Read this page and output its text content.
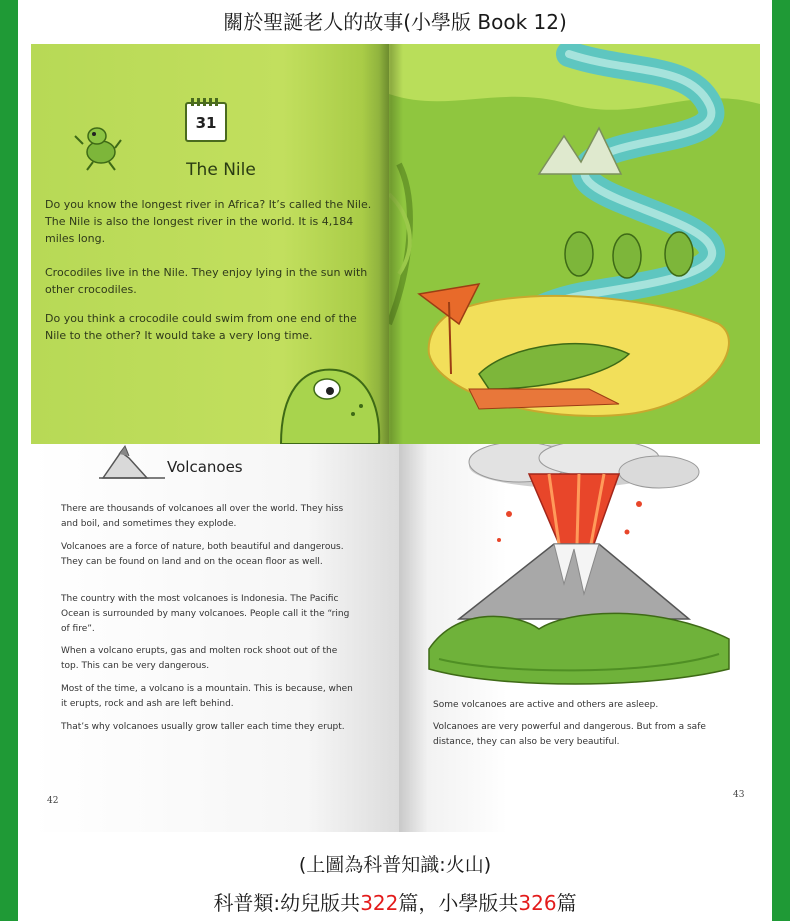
關於聖誕老人的故事(小學版 Book 12)
31
The Nile

Do you know the longest river in Africa? It’s called the Nile. The Nile is also the longest river in the world. It is 4,184 miles long.

Crocodiles live in the Nile. They enjoy lying in the sun with other crocodiles.

Do you think a crocodile could swim from one end of the Nile to the other? It would take a very long time.

Volcanoes

There are thousands of volcanoes all over the world. They hiss and boil, and sometimes they explode.

Volcanoes are a force of nature, both beautiful and dangerous. They can be found on land and on the ocean floor as well.

The country with the most volcanoes is Indonesia. The Pacific Ocean is surrounded by many volcanoes. People call it the “ring of fire”.

When a volcano erupts, gas and molten rock shoot out of the top. This can be very dangerous.

Most of the time, a volcano is a mountain. This is because, when it erupts, rock and ash are left behind.

That’s why volcanoes usually grow taller each time they erupt.

42

Some volcanoes are active and others are asleep.

Volcanoes are very powerful and dangerous. But from a safe distance, they can also be very beautiful.

43
(上圖為科普知識:火山)
科普類:幼兒版共322篇，小學版共326篇
